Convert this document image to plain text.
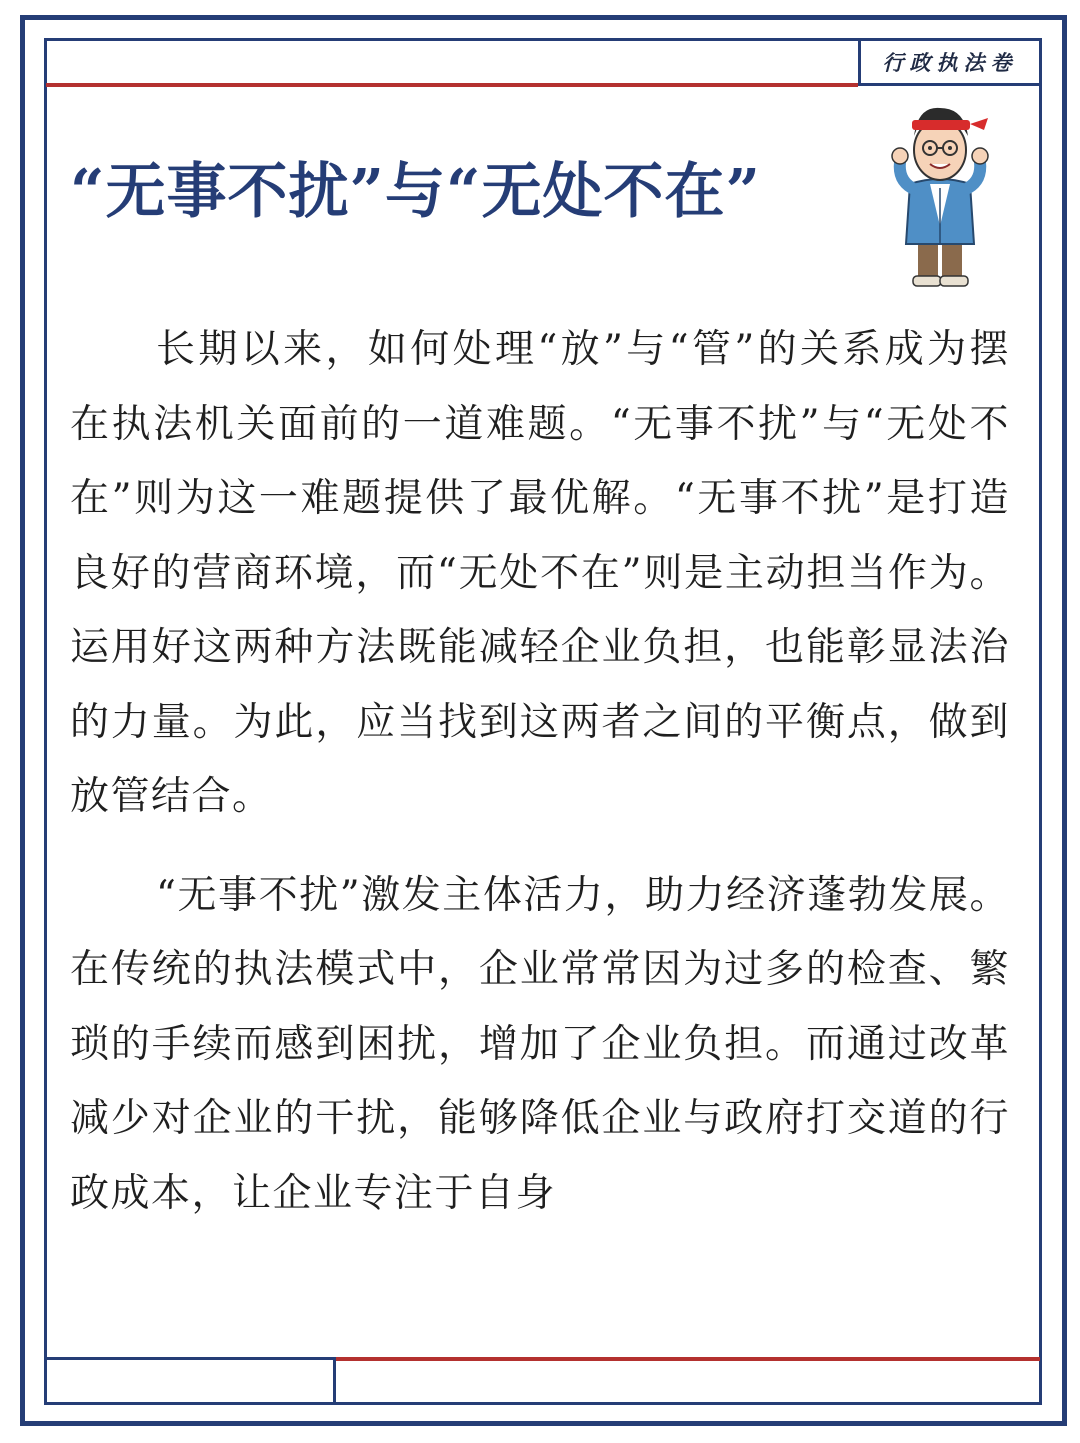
行政执法卷
“无事不扰”与“无处不在”

长期以来，如何处理“放”与“管”的关系成为摆在执法机关面前的一道难题。“无事不扰”与“无处不在”则为这一难题提供了最优解。“无事不扰”是打造良好的营商环境，而“无处不在”则是主动担当作为。运用好这两种方法既能减轻企业负担，也能彰显法治的力量。为此，应当找到这两者之间的平衡点，做到放管结合。

“无事不扰”激发主体活力，助力经济蓬勃发展。在传统的执法模式中，企业常常因为过多的检查、繁琐的手续而感到困扰，增加了企业负担。而通过改革减少对企业的干扰，能够降低企业与政府打交道的行政成本，让企业专注于自身
